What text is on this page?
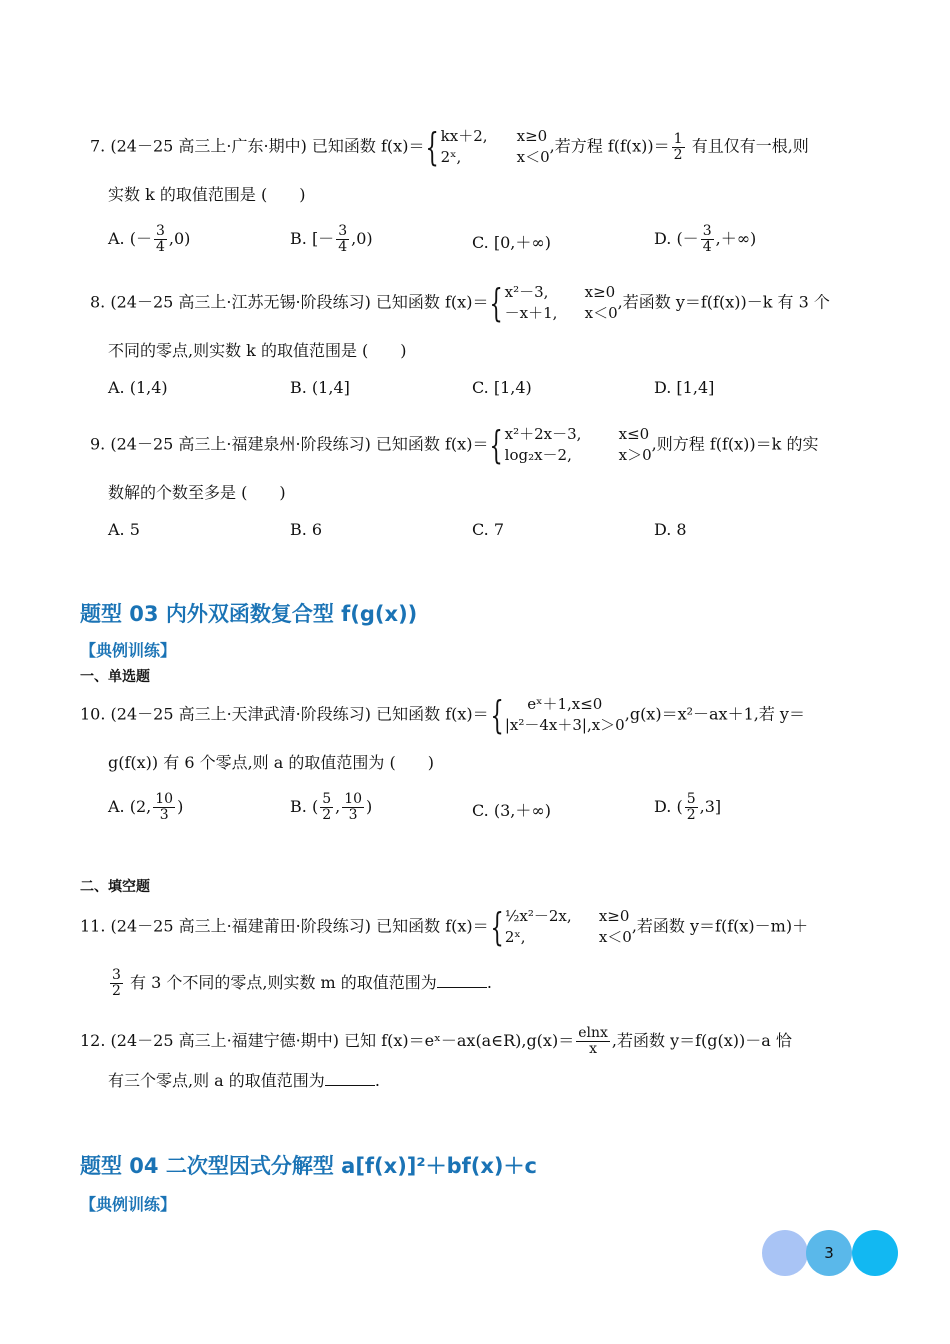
7. (24－25 高三上·广东·期中) 已知函数 f(x)＝{ kx＋2,	x≥0
2ˣ,	x＜0
,若方程 $f(f(x))= \frac{1}{2}$ 有且仅有一根,则
实数 k 的取值范围是 (　　)
A. (－ $\frac{3}{4} ,0$)	B. [－ $\frac{3}{4} ,0$)	C. [0,＋∞)	D. (－ $\frac{3}{4}$ ,＋∞)
8. (24－25 高三上·江苏无锡·阶段练习) 已知函数 f(x)＝{ x²－3,	x≥0
－x＋1,	x＜0
,若函数 y＝f(f(x))－k 有 3 个
不同的零点,则实数 k 的取值范围是 (　　)
A. (1,4)	B. (1,4]	C. [1,4)	D. [1,4]
9. (24－25 高三上·福建泉州·阶段练习) 已知函数 f(x)＝{ x²＋2x－3,	x≤0
log₂x－2,	x＞0
,则方程 f(f(x))＝k 的实
数解的个数至多是 (　　)
A. 5	B. 6	C. 7	D. 8
题型 03 内外双函数复合型 f(g(x))
【典例训练】
一、单选题
10. (24－25 高三上·天津武清·阶段练习) 已知函数 f(x)＝{ eˣ＋1,x≤0
|x²－4x＋3|,x＞0
,g(x)＝x²－ax＋1,若 y＝
g(f(x)) 有 6 个零点,则 a 的取值范围为 (　　)
A. (2, $\frac{10}{3}$ )	B. ( $\frac{5}{2}$ , $\frac{10}{3}$ )	C. (3,＋∞)	D. ( $\frac{5}{2} ,3$]
二、填空题
11. (24－25 高三上·福建莆田·阶段练习) 已知函数 f(x)＝{ ½x²－2x,	x≥0
2ˣ,	x＜0
,若函数 y＝f(f(x)－m)＋
$\frac{3}{2}$ 有 3 个不同的零点,则实数 m 的取值范围为	.
12. (24－25 高三上·福建宁德·期中) 已知 f(x)＝eˣ－ax(a∈R),g(x)＝ $\frac{elnx}{x}$ ,若函数 y＝f(g(x))－a 恰
有三个零点,则 a 的取值范围为	.
题型 04 二次型因式分解型 a[f(x)]²＋bf(x)＋c
【典例训练】
3
